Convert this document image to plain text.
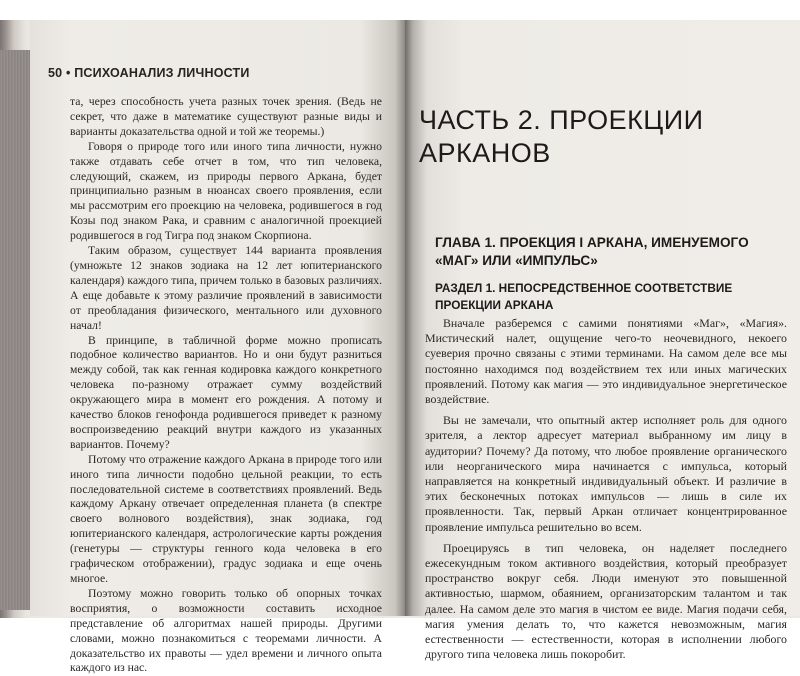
50 • ПСИХОАНАЛИЗ ЛИЧНОСТИ

та, через способность учета разных точек зрения. (Ведь не секрет, что даже в математике существуют разные виды и варианты доказательства одной и той же теоремы.)

Говоря о природе того или иного типа личности, нужно также отдавать себе отчет в том, что тип человека, следующий, скажем, из природы первого Аркана, будет принципиально разным в нюансах своего проявления, если мы рассмотрим его проекцию на человека, родившегося в год Козы под знаком Рака, и сравним с аналогичной проекцией родившегося в год Тигра под знаком Скорпиона.

Таким образом, существует 144 варианта проявления (умножьте 12 знаков зодиака на 12 лет юпитерианского календаря) каждого типа, причем только в базовых различиях. А еще добавьте к этому различие проявлений в зависимости от преобладания физического, ментального или духовного начал!

В принципе, в табличной форме можно прописать подобное количество вариантов. Но и они будут разниться между собой, так как генная кодировка каждого конкретного человека по-разному отражает сумму воздействий окружающего мира в момент его рождения. А потому и качество блоков генофонда родившегося приведет к разному воспроизведению реакций внутри каждого из указанных вариантов. Почему?

Потому что отражение каждого Аркана в природе того или иного типа личности подобно цельной реакции, то есть последовательной системе в соответствиях проявлений. Ведь каждому Аркану отвечает определенная планета (в спектре своего волнового воздействия), знак зодиака, год юпитерианского календаря, астрологические карты рождения (генетуры — структуры генного кода человека в его графическом отображении), градус зодиака и еще очень многое.

Поэтому можно говорить только об опорных точках восприятия, о возможности составить исходное представление об алгоритмах нашей природы. Другими словами, можно познакомиться с теоремами личности. А доказательство их правоты — удел времени и личного опыта каждого из нас.

ЧАСТЬ 2. ПРОЕКЦИИ АРКАНОВ
ГЛАВА 1. ПРОЕКЦИЯ I АРКАНА, ИМЕНУЕМОГО «МАГ» ИЛИ «ИМПУЛЬС»
РАЗДЕЛ 1. НЕПОСРЕДСТВЕННОЕ СООТВЕТСТВИЕ ПРОЕКЦИИ АРКАНА

Вначале разберемся с самими понятиями «Маг», «Магия». Мистический налет, ощущение чего-то неочевидного, некоего суеверия прочно связаны с этими терминами. На самом деле все мы постоянно находимся под воздействием тех или иных магических проявлений. Потому как магия — это индивидуальное энергетическое воздействие.

Вы не замечали, что опытный актер исполняет роль для одного зрителя, а лектор адресует материал выбранному им лицу в аудитории? Почему? Да потому, что любое проявление органического или неорганического мира начинается с импульса, который направляется на конкретный индивидуальный объект. И различие в этих бесконечных потоках импульсов — лишь в силе их проявленности. Так, первый Аркан отличает концентрированное проявление импульса решительно во всем.

Проецируясь в тип человека, он наделяет последнего ежесекундным током активного воздействия, который преобразует пространство вокруг себя. Люди именуют это повышенной активностью, шармом, обаянием, организаторским талантом и так далее. На самом деле это магия в чистом ее виде. Магия подачи себя, магия умения делать то, что кажется невозможным, магия естественности — естественности, которая в исполнении любого другого типа человека лишь покоробит.
